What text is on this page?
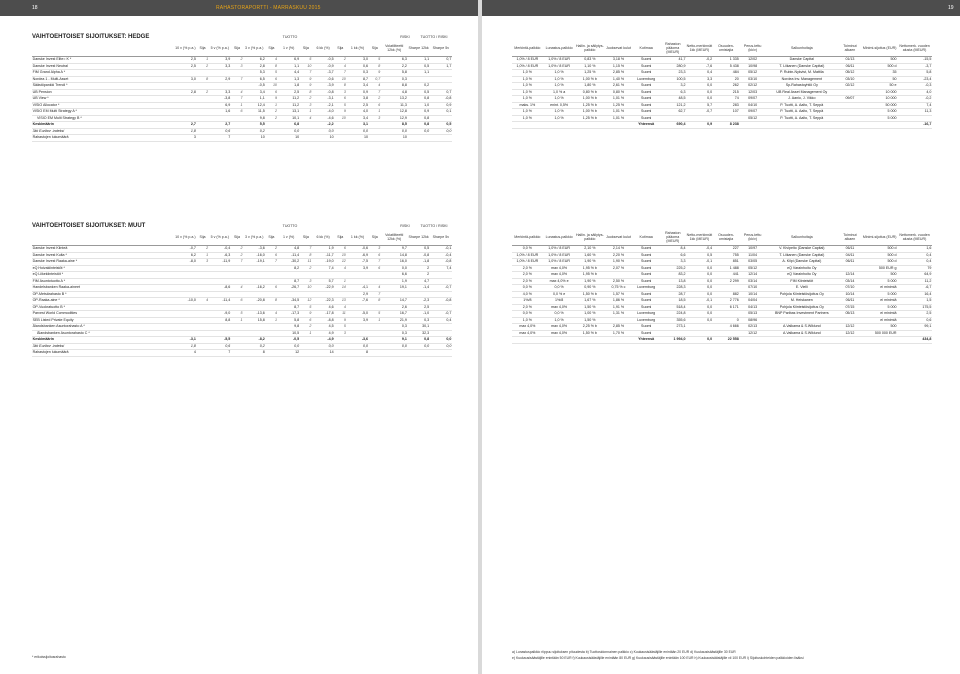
18	RAHASTORAPORTTI - MARRASKUU 2015
VAIHTOEHTOISET SIJOITUKSET: HEDGE	TUOTTO	RISKI	TUOTTO / RISKI
	10 v (% p.a.)	Sija	5 v (% p.a.)	Sija	3 v (% p.a.)	Sija	1 v (%)	Sija	6 kk (%)	Sija	1 kk (%)	Sija	Volatiliteetti 12kk (%)	Sharpe 12kk	Sharpe 5v
Danske Invest Elite= K *	2,5	1	3,9	2	6,2	4	6,9	5	-0,5	2	3,0	5	6,3	1,1	0,7
Danske Invest Neutral	2,5	2	3,3	3	2,8	8	1,1	10	-0,9	4	0,6	8	2,2	0,5	1,7
FIM Grand Alpha A *					5,3	5	4,4	7	-3,7	7	0,3	9	5,8	1,1	
Nordea 1 - Multi-Asset	3,0	8	2,9	7	6,5	6	1,3	9	-0,6	10	8,7	0,7	0,3		
Säästöpankki Trendi *					-0,5	10	1,8	9	-3,9	8	3,4	4	8,8	0,2	
UB Pension	2,8	2	3,3	4	3,4	6	2,5	8	-0,8	3	0,9	7	4,8	0,5	0,7
UB View *			-3,8	7	1,1	9	11,2	2	-3,1	6	3,8	2	13,2	0,8	-0,8
VISIO Allocator *			6,9	1	12,4	1	11,2	3	-2,1	5	2,5	6	11,3	1,0	0,9
VISIO EM Multi Strategy A *			1,6	6	11,5	2	13,1	1	-4,0	9	4,0	1	12,8	0,9	0,1
VISIO EM Multi Strategy B *					9,8	2	10,1	4	-4,6	10	3,4	3	12,9	0,8	
Keskimäärin	2,7		2,7		5,5		6,8		-2,2		3,1		8,5	0,8	0,5
3kk Euribor -indeksi	1,8		0,6		0,2		0,0		0,0		0,0		0,0	0,0	0,0
Rahastojen lukumäärä	3		7		10		10		10		10		10		
VAIHTOEHTOISET SIJOITUKSET: MUUT	TUOTTO	RISKI	TUOTTO / RISKI
	10 v (% p.a.)	Sija	5 v (% p.a.)	Sija	3 v (% p.a.)	Sija	1 v (%)	Sija	6 kk (%)	Sija	1 kk (%)	Sija	Volatiliteetti 12kk (%)	Sharpe 12kk	Sharpe 5v
Danske Invest Kiinteä	-0,7	2	-0,4	2	-3,6	2	4,8	7	1,9	6	-0,6	3	9,7	0,5	-0,1
Danske Invest Kulta *	6,2	1	-6,3	2	-16,0	6	-11,4	8	-11,7	10	-6,9	6	14,8	-0,8	-0,4
Danske Invest Raaka-aine *	-8,0	3	-11,9	7	-19,1	7	-30,2	11	-19,0	12	-7,5	7	16,0	-1,8	-0,8
eQ Hoivakiinteistöt *							8,2	2	7,4	4	3,9	6	0,0	2	7,4
eQ Liikekiinteistöt *													6,6	2	
FIM Asuntotuotto A *							8,7	3	5,7	1			1,9	4,7	
Handelsbanken Raaka-aineet			-8,6	4	-16,2	6	-26,7	10	-22,9	14	-4,1	4	19,1	-1,4	-0,7
OP-Metsärahasto B *											2,9	7			
OP-Raaka-aine *	-10,0	4	-11,4	6	-20,8	8	-34,5	12	-22,3	13	-7,6	8	14,7	-2,3	-0,8
OP-Vuokratuotto B *							8,7	5	4,6	4			2,6	2,5	
Parvest World Commodities			-9,0	5	-13,6	4	-17,3	9	-17,8	11	-5,0	5	16,7	-1,0	-0,7
SEB Listed Private Equity			8,8	1	15,8	1	5,8	6	-8,8	9	3,9	1	21,9	0,3	0,4
Ålandsbanken Asuntorahasto A *							9,8	2	4,5	5			0,3	30,1	
Ålandsbanken Asuntorahasto C *							10,5	1	4,9	3			0,3	32,3	
Keskimäärin	-3,1		-5,5		-8,2		-0,5		-4,9		-3,6		9,1	0,8	0,0
3kk Euribor -indeksi	1,8		0,6		0,2		0,0		0,0		0,0		0,0	0,0	0,0
Rahastojen lukumäärä	4		7		8		12		14		8				
* erikoissijoitusrahasto
19
Merkintä-palkkio	Lunastus-palkkio	Hallin. ja säilytys-palkkio	Juoksevat kulut	Kotimaa	Rahaston pääoma (MEUR)	Netto-merkinnät 1kk (MEUR)	Osuuden-omistajia	Perus-tettu (kk/v)	Salkunhoitaja	Toiminut alkaen	Minimi-sijoitus (EUR)	Nettomerk. vuoden alusta (MEUR)
1,0% / 8 EUR	1,0% / 8 EUR	0,83 %	3,18 %	Suomi	41,7	-0,2	1 335	12/02	Danske Capital	01/13	500	-15,5
1,0% / 8 EUR	1,0% / 8 EUR	1,10 %	1,15 %	Suomi	280,9	-7,6	5 438	10/98	T. Liikanen (Danske Capital)	06/11	500 d	-3,7
1,0 %	1,0 %	1,25 %	2,85 %	Suomi	23,3	0,4	484	05/12	P. Rubin-Nykvist, M. Mattila	05/12	35	5,8
1,0 %	1,0 %	1,00 % b	1,40 %	Luxemburg	100,5	3,3	20	03/10	Nordea Inv. Management	03/10	50	-23,4
1,0 %	1,0 %	1,80 %	2,61 %	Suomi	3,2	0,0	262	02/12	Sp-Rahastoyhtiö Oy	02/12	50 e	-0,3
1,0 %	1,0 % a	0,80 % b	0,80 %	Suomi	6,3	0,0	215	12/03	UB Real Asset Management Oy		10 000	4,0
1,0 %	1,0 %	1,00 % b	1,01 %	Suomi	48,5	0,0	74	09/07	J. Aanio, J. Vikko	09/07	10 000	-0,2
maks. 1%	enint. 0,5%	1,25 % b	1,25 %	Suomi	121,2	5,7	283	04/10	P. Tuotti, A. Aalto, T. Seppä		50 000	7,4
1,0 %	1,0 %	1,00 % b	1,01 %	Suomi	62,7	-0,7	107	09/07	P. Tuotti, A. Aalto, T. Seppä		5 000	11,3
1,0 %	1,0 %	1,25 % b	1,01 %	Suomi				05/12	P. Tuotti, A. Aalto, T. Seppä		5 000	
				Yhteensä	690,4	0,9	8 238					-16,7
Merkintä-palkkio	Lunastus-palkkio	Hallin. ja säilytys-palkkio	Juoksevat kulut	Kotimaa	Rahaston pääoma (MEUR)	Netto-merkinnät 1kk (MEUR)	Osuuden-omistajia	Perus-tettu (kk/v)	Salkunhoitaja	Toiminut alkaen	Minimi-sijoitus (EUR)	Nettomerk. vuoden alusta (MEUR)
0,0 %	1,0% / 8 EUR	2,10 %	2,14 %	Suomi	8,4	-0,4	227	10/97	V. Kivipelto (Danske Capital)	06/11	500 d	1,6
1,0% / 8 EUR	1,0% / 8 EUR	1,60 %	2,20 %	Suomi	6,6	0,5	755	11/04	T. Liikanen (Danske Capital)	04/11	500 d	0,4
1,0% / 8 EUR	1,0% / 8 EUR	1,90 %	1,90 %	Suomi	3,3	-0,1	851	03/05	A. Kilpi (Danske Capital)	06/11	500 d	0,4
2,0 %	max 4,0%	1,95 % b	2,07 %	Suomi	225,2	0,0	1 488	05/12	eQ Varainhoito Oy		500 EUR g	79
2,0 %	max 4,0%	1,95 % b		Suomi	83,2	0,0	441	12/14	eQ Varainhoito Oy	12/14	500	64,9
2,0 %	max 4,0% e	1,90 %	2,50 %	Suomi	13,8	0,0	2 299	03/14	FIM Kiinteistöt	03/14	5 000	11,2
0,0 %	0,0 %	0,90 %	0,75 % c	Luxemburg	228,3	0,0		07/10	E. Vielli	07/10	ei minimiä	-6,7
4,0 %	0,0 % e	1,50 % b	1,57 %	Suomi	28,7	0,0	882	10/14	Pohjola Kiinteistösijoitus Oy	10/14	5 000	16,4
1%/8	1%/8	1,67 %	1,86 %	Suomi	18,5	-0,1	2 776	04/04	M. Heiskanen	06/11	ei minimiä	1,5
2,0 %	max 4,0%	1,50 %	1,91 %	Suomi	518,4	0,0	6 171	04/13	Pohjola Kiinteistösijoitus Oy	07/15	5 000	175,5
0,0 %	0,0 %	1,00 %	1,31 %	Luxemburg	224,8	0,0		05/13	BNP Paribas Investment Partners	05/13	ei minimiä	2,5
1,0 %	1,0 %	1,50 %		Luxemburg	355,6	0,0	0	08/96			ei minimiä	0,6
max 4,0%	max 4,0%	2,25 % b	2,85 %	Suomi	273,1		4 666	02/13	A.Valkama & S.Wiklund	12/12	500	99,1
max 4,0%	max 4,0%	1,50 % b	1,70 %	Suomi				12/12	A.Valkama & S.Wiklund	12/12	500 000 EUR	
				Yhteensä	1 994,0	0,0	22 558					434,8
a) Lunastuspalkkio riippuu sijoituksen pituudesta b) Tuottosidonnainen palkkio c) Kuukausisäästäjille enintään 20 EUR d) Kuukausisäästäjille 30 EUR
e) Kuukausisäästäjille enintään 50 EUR f) Kuukausisäästäjille enintään 80 EUR g) Kuukausisäästäjille enintään 100 EUR h) Kuukausisäästäjille vii 100 EUR i) Sijoituskohteiden palkkioiden lisäksi
